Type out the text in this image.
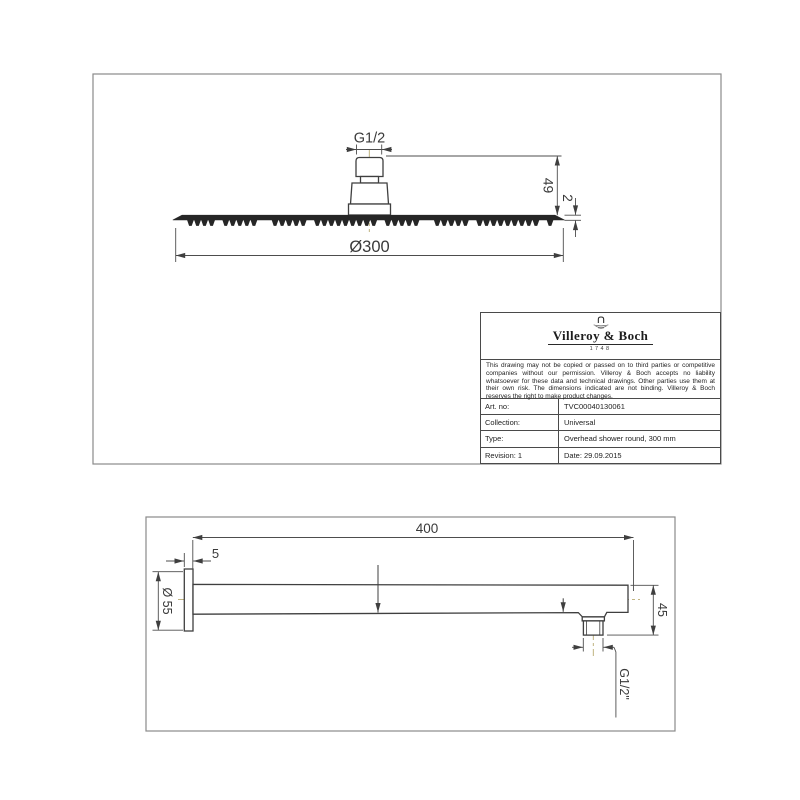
G1/2
49
2
Ø300
400
5
Ø 55	45
G1/2"
Villeroy & Boch
1748
This drawing may not be copied or passed on to third parties or competitive companies without our permission. Villeroy & Boch accepts no liability whatsoever for these data and technical drawings. Other parties use them at their own risk. The dimensions indicated are not binding. Villeroy & Boch reserves the right to make product changes.
Art. no:	TVC00040130061
Collection:	Universal
Type:	Overhead shower round, 300 mm
Revision: 1	Date: 29.09.2015
